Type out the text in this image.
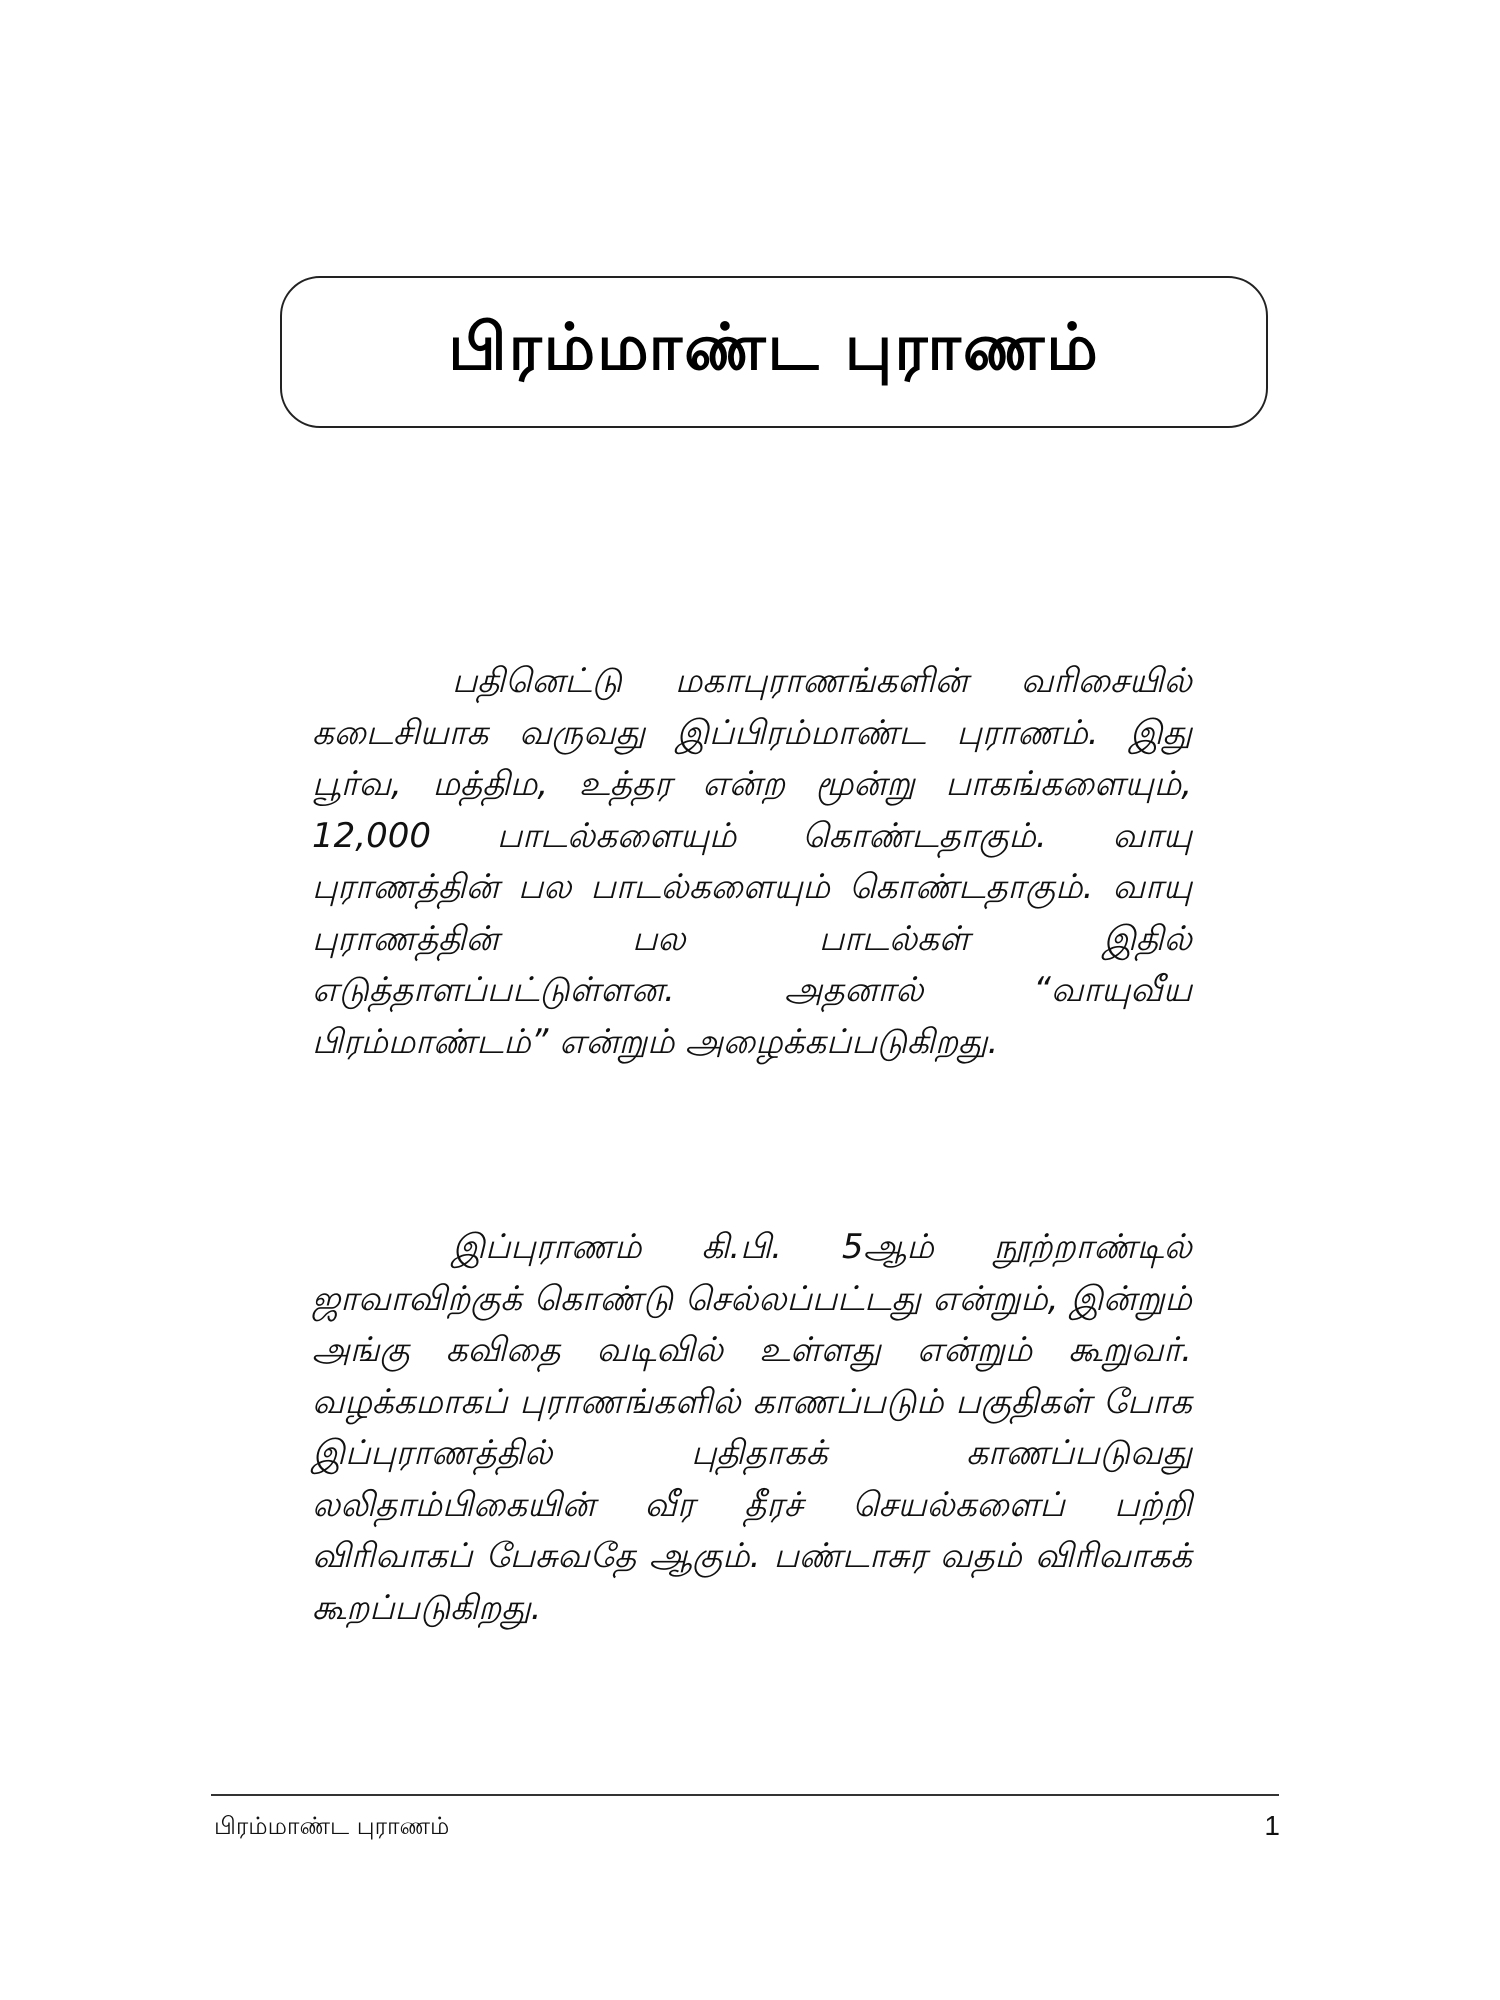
பிரம்மாண்ட புராணம்

பதினெட்டு மகாபுராணங்களின் வரிசையில் கடைசியாக வருவது இப்பிரம்மாண்ட புராணம். இது பூர்வ, மத்திம, உத்தர என்ற மூன்று பாகங்களையும், 12,000 பாடல்களையும் கொண்டதாகும். வாயு புராணத்தின் பல பாடல்களையும் கொண்டதாகும். வாயு புராணத்தின் பல பாடல்கள் இதில் எடுத்தாளப்பட்டுள்ளன. அதனால் “வாயுவீய பிரம்மாண்டம்” என்றும் அழைக்கப்படுகிறது.

இப்புராணம் கி.பி. 5ஆம் நூற்றாண்டில் ஜாவாவிற்குக் கொண்டு செல்லப்பட்டது என்றும், இன்றும் அங்கு கவிதை வடிவில் உள்ளது என்றும் கூறுவர். வழக்கமாகப் புராணங்களில் காணப்படும் பகுதிகள் போக இப்புராணத்தில் புதிதாகக் காணப்படுவது லலிதாம்பிகையின் வீர தீரச் செயல்களைப் பற்றி விரிவாகப் பேசுவதே ஆகும். பண்டாசுர வதம் விரிவாகக் கூறப்படுகிறது.

பிரம்மாண்ட புராணம்	1
